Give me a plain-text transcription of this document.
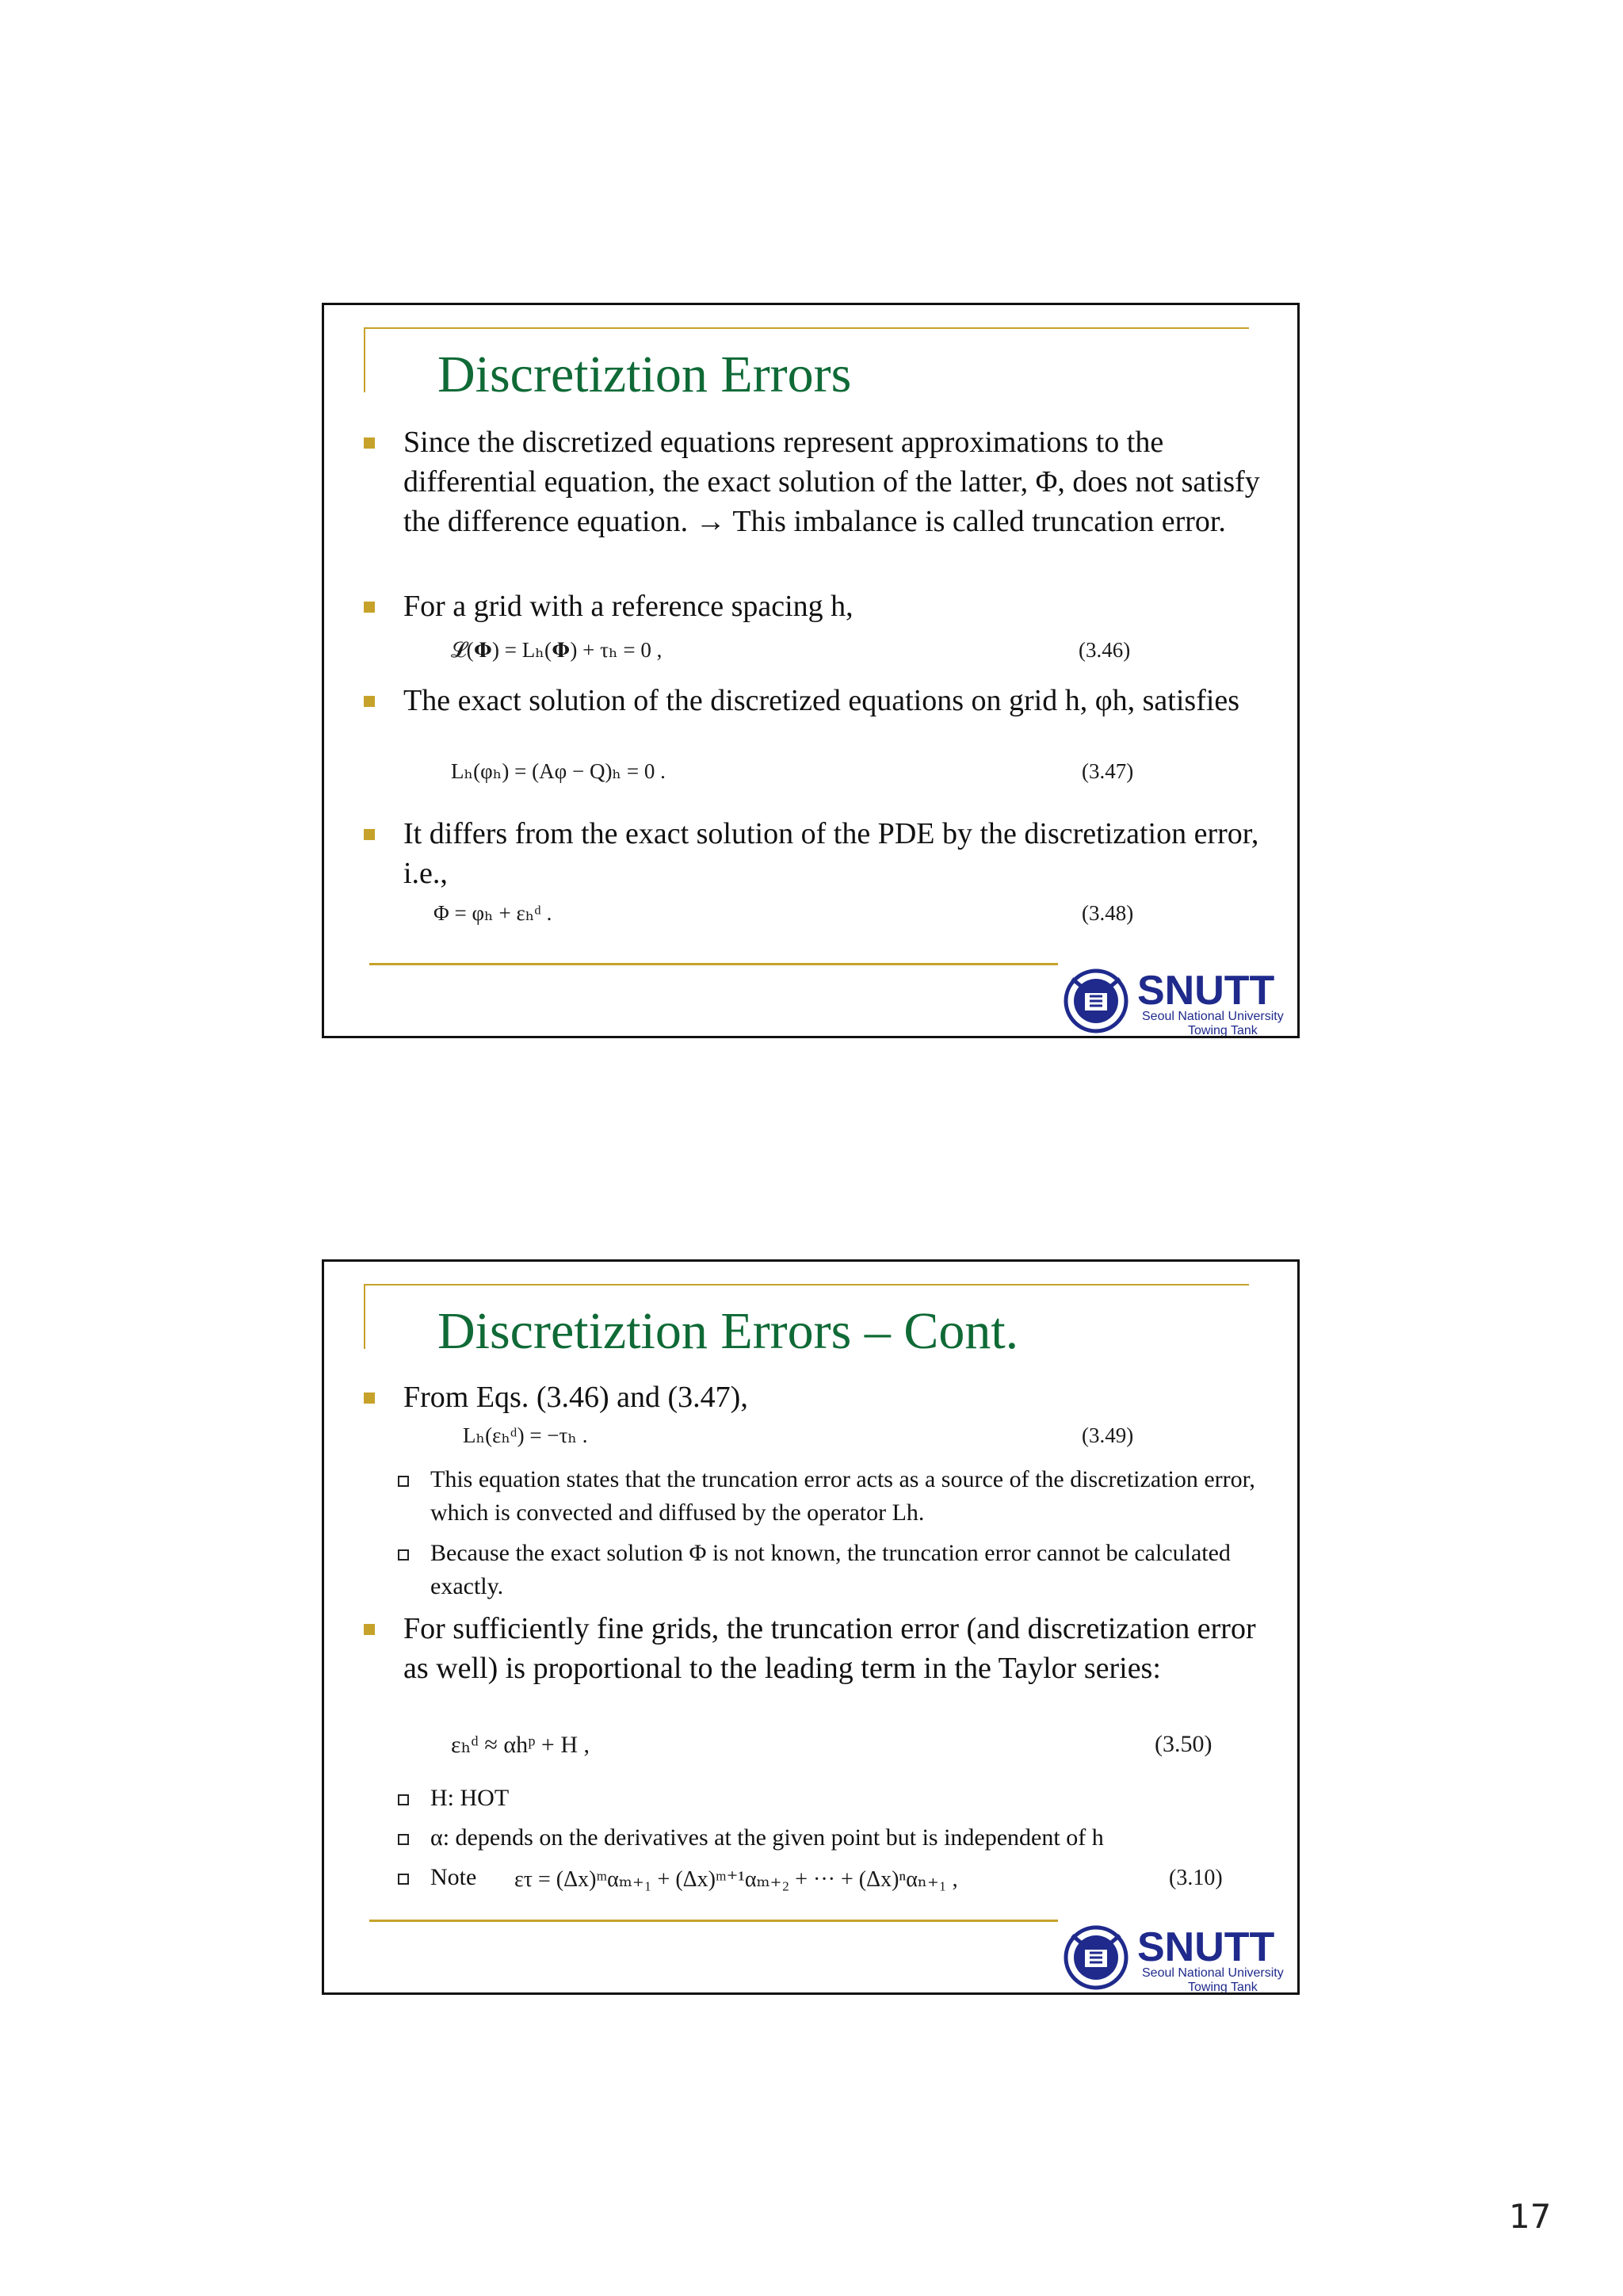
Discretiztion Errors
Since the discretized equations represent approximations to the differential equation, the exact solution of the latter, Φ, does not satisfy the difference equation. → This imbalance is called truncation error.
For a grid with a reference spacing h,
𝓛(𝚽) = Lₕ(𝚽) + τₕ = 0 ,	(3.46)
The exact solution of the discretized equations on grid h, φh, satisfies
Lₕ(φₕ) = (Aφ − Q)ₕ = 0 .	(3.47)
It differs from the exact solution of the PDE by the discretization error, i.e.,
Φ = φₕ + εₕᵈ .	(3.48)
SNUTT
Seoul National University
Towing Tank
Discretiztion Errors – Cont.
From Eqs. (3.46) and (3.47),
Lₕ(εₕᵈ) = −τₕ .	(3.49)
This equation states that the truncation error acts as a source of the discretization error, which is convected and diffused by the operator Lh.
Because the exact solution Φ is not known, the truncation error cannot be calculated exactly.
For sufficiently fine grids, the truncation error (and discretization error as well) is proportional to the leading term in the Taylor series:
εₕᵈ ≈ αhᵖ + H ,	(3.50)
H: HOT
α: depends on the derivatives at the given point but is independent of h
Note	ετ = (Δx)ᵐαₘ₊₁ + (Δx)ᵐ⁺¹αₘ₊₂ + ··· + (Δx)ⁿαₙ₊₁ ,	(3.10)
SNUTT
Seoul National University
Towing Tank
17
